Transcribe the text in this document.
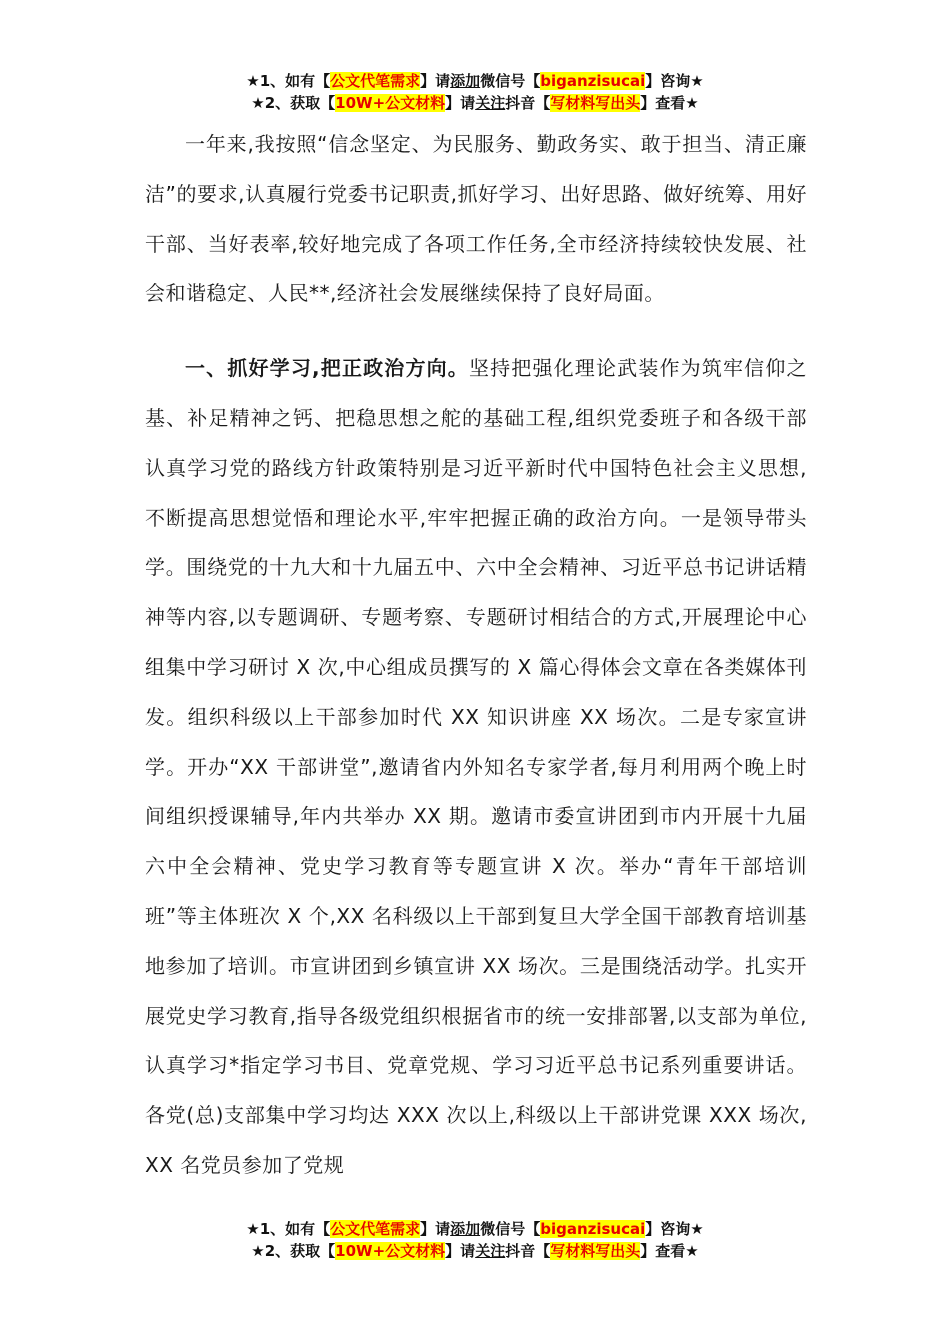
★1、如有【公文代笔需求】请添加微信号【biganzisucai】咨询★
★2、获取【10W+公文材料】请关注抖音【写材料写出头】查看★

一年来,我按照“信念坚定、为民服务、勤政务实、敢于担当、清正廉洁”的要求,认真履行党委书记职责,抓好学习、出好思路、做好统筹、用好干部、当好表率,较好地完成了各项工作任务,全市经济持续较快发展、社会和谐稳定、人民**,经济社会发展继续保持了良好局面。

一、抓好学习,把正政治方向。坚持把强化理论武装作为筑牢信仰之基、补足精神之钙、把稳思想之舵的基础工程,组织党委班子和各级干部认真学习党的路线方针政策特别是习近平新时代中国特色社会主义思想,不断提高思想觉悟和理论水平,牢牢把握正确的政治方向。一是领导带头学。围绕党的十九大和十九届五中、六中全会精神、习近平总书记讲话精神等内容,以专题调研、专题考察、专题研讨相结合的方式,开展理论中心组集中学习研讨 X 次,中心组成员撰写的 X 篇心得体会文章在各类媒体刊发。组织科级以上干部参加时代 XX 知识讲座 XX 场次。二是专家宣讲学。开办“XX 干部讲堂”,邀请省内外知名专家学者,每月利用两个晚上时间组织授课辅导,年内共举办 XX 期。邀请市委宣讲团到市内开展十九届六中全会精神、党史学习教育等专题宣讲 X 次。举办“青年干部培训班”等主体班次 X 个,XX 名科级以上干部到复旦大学全国干部教育培训基地参加了培训。市宣讲团到乡镇宣讲 XX 场次。三是围绕活动学。扎实开展党史学习教育,指导各级党组织根据省市的统一安排部署,以支部为单位,认真学习*指定学习书目、党章党规、学习习近平总书记系列重要讲话。各党(总)支部集中学习均达 XXX 次以上,科级以上干部讲党课 XXX 场次,XX 名党员参加了党规

★1、如有【公文代笔需求】请添加微信号【biganzisucai】咨询★
★2、获取【10W+公文材料】请关注抖音【写材料写出头】查看★
